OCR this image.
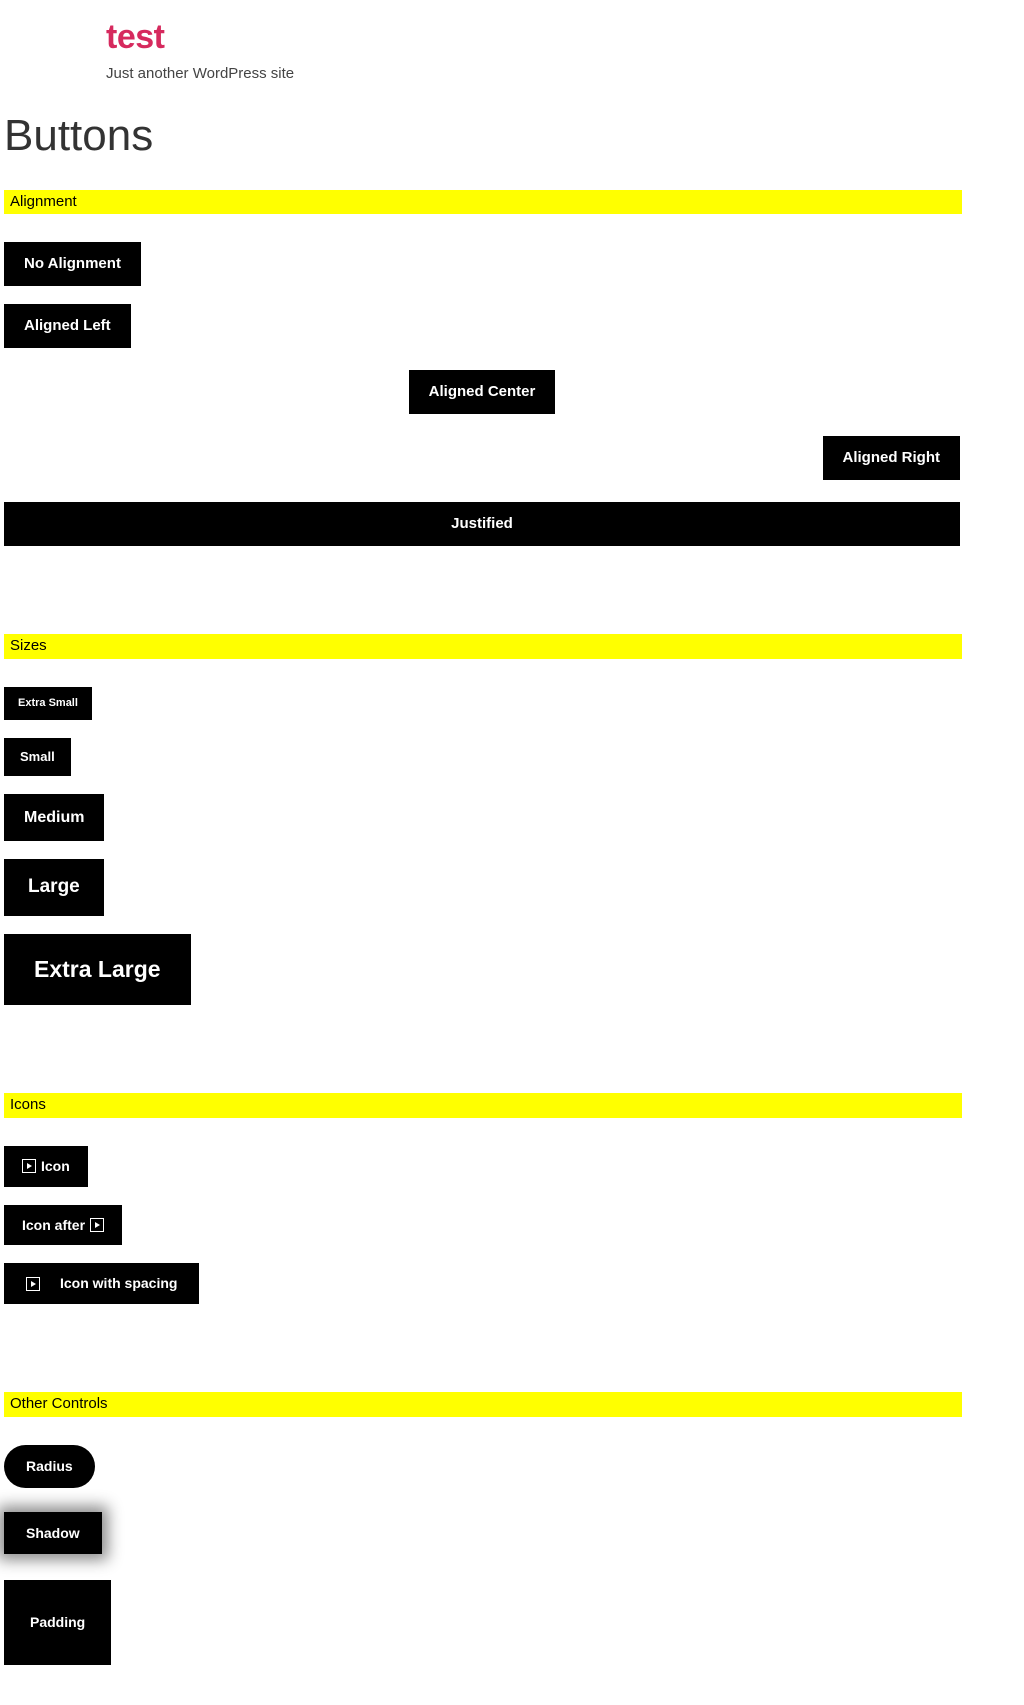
test

Just another WordPress site

Buttons
Alignment
No Alignment
Aligned Left
Aligned Center
Aligned Right
Justified
Sizes
Extra Small
Small
Medium
Large
Extra Large
Icons
Icon
Icon after
Icon with spacing
Other Controls
Radius
Shadow
Padding
